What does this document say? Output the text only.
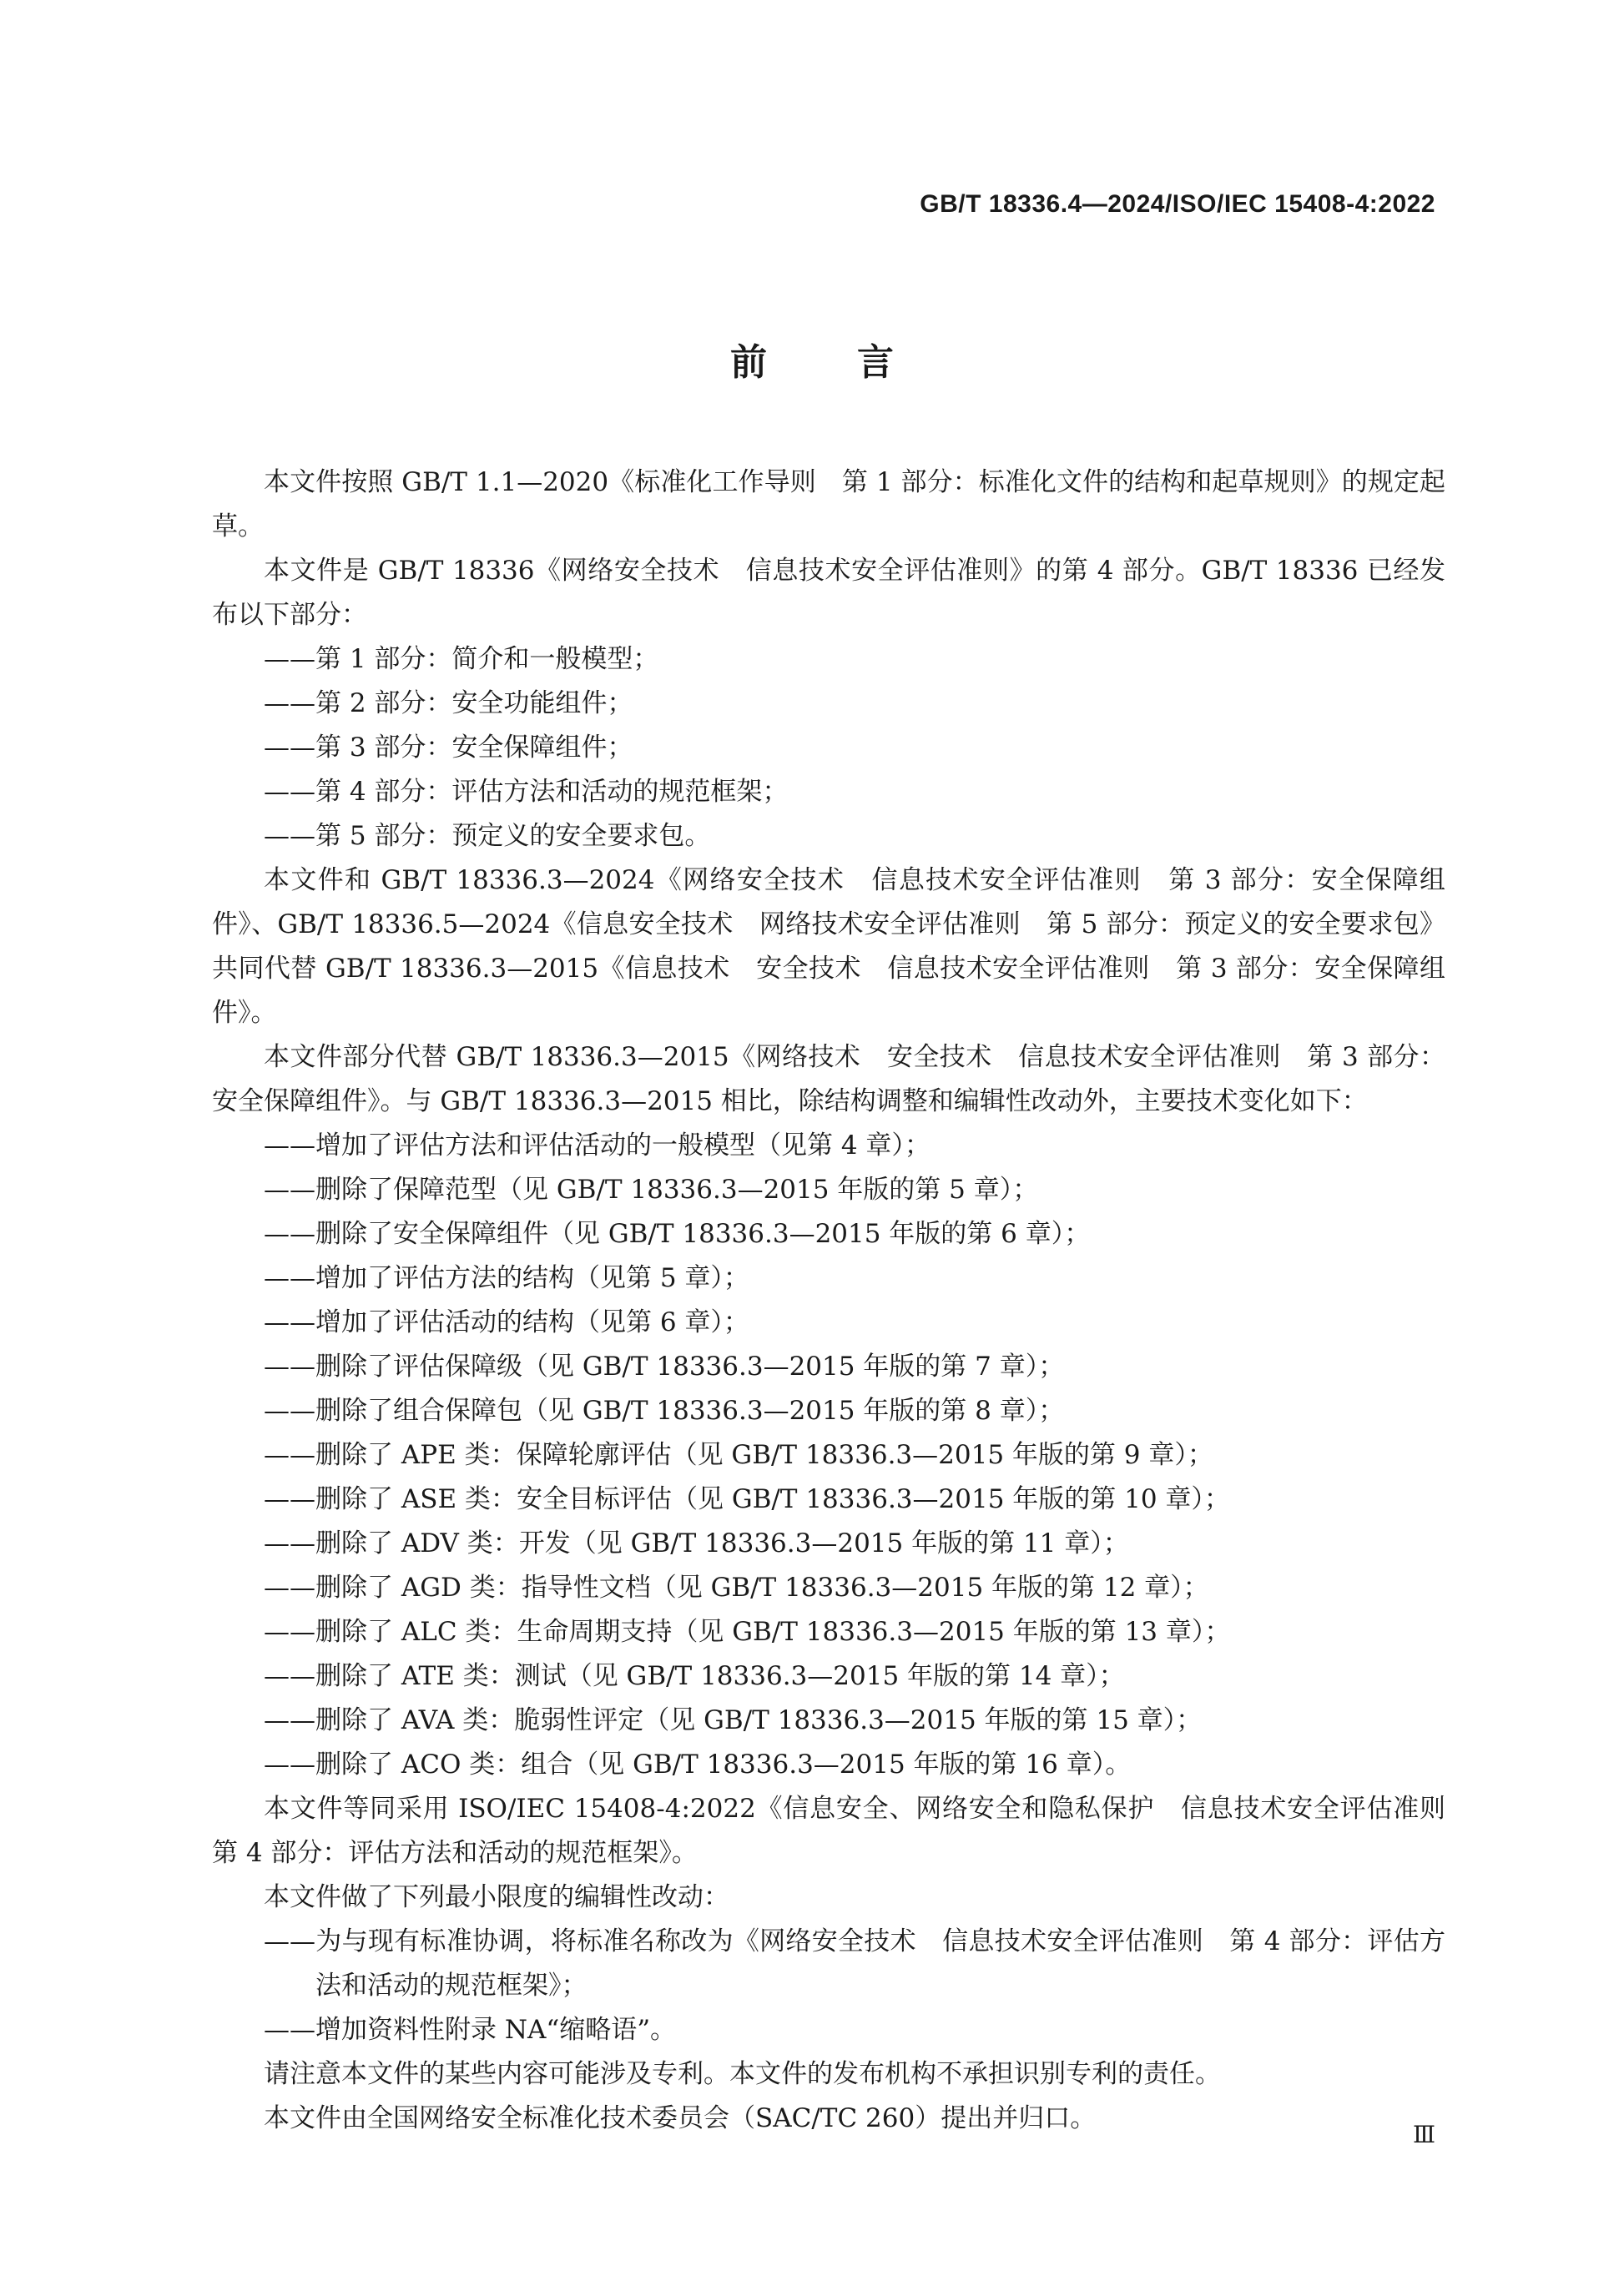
GB/T 18336.4—2024/ISO/IEC 15408-4:2022
前言

本文件按照 GB/T 1.1—2020《标准化工作导则　第 1 部分：标准化文件的结构和起草规则》的规定起草。

本文件是 GB/T 18336《网络安全技术　信息技术安全评估准则》的第 4 部分。GB/T 18336 已经发布以下部分：

——第 1 部分：简介和一般模型；

——第 2 部分：安全功能组件；

——第 3 部分：安全保障组件；

——第 4 部分：评估方法和活动的规范框架；

——第 5 部分：预定义的安全要求包。

本文件和 GB/T 18336.3—2024《网络安全技术　信息技术安全评估准则　第 3 部分：安全保障组件》、GB/T 18336.5—2024《信息安全技术　网络技术安全评估准则　第 5 部分：预定义的安全要求包》共同代替 GB/T 18336.3—2015《信息技术　安全技术　信息技术安全评估准则　第 3 部分：安全保障组件》。

本文件部分代替 GB/T 18336.3—2015《网络技术　安全技术　信息技术安全评估准则　第 3 部分：安全保障组件》。与 GB/T 18336.3—2015 相比，除结构调整和编辑性改动外，主要技术变化如下：

——增加了评估方法和评估活动的一般模型（见第 4 章）；

——删除了保障范型（见 GB/T 18336.3—2015 年版的第 5 章）；

——删除了安全保障组件（见 GB/T 18336.3—2015 年版的第 6 章）；

——增加了评估方法的结构（见第 5 章）；

——增加了评估活动的结构（见第 6 章）；

——删除了评估保障级（见 GB/T 18336.3—2015 年版的第 7 章）；

——删除了组合保障包（见 GB/T 18336.3—2015 年版的第 8 章）；

——删除了 APE 类：保障轮廓评估（见 GB/T 18336.3—2015 年版的第 9 章）；

——删除了 ASE 类：安全目标评估（见 GB/T 18336.3—2015 年版的第 10 章）；

——删除了 ADV 类：开发（见 GB/T 18336.3—2015 年版的第 11 章）；

——删除了 AGD 类：指导性文档（见 GB/T 18336.3—2015 年版的第 12 章）；

——删除了 ALC 类：生命周期支持（见 GB/T 18336.3—2015 年版的第 13 章）；

——删除了 ATE 类：测试（见 GB/T 18336.3—2015 年版的第 14 章）；

——删除了 AVA 类：脆弱性评定（见 GB/T 18336.3—2015 年版的第 15 章）；

——删除了 ACO 类：组合（见 GB/T 18336.3—2015 年版的第 16 章）。

本文件等同采用 ISO/IEC 15408-4:2022《信息安全、网络安全和隐私保护　信息技术安全评估准则　第 4 部分：评估方法和活动的规范框架》。

本文件做了下列最小限度的编辑性改动：

——为与现有标准协调，将标准名称改为《网络安全技术　信息技术安全评估准则　第 4 部分：评估方法和活动的规范框架》；

——增加资料性附录 NA“缩略语”。

请注意本文件的某些内容可能涉及专利。本文件的发布机构不承担识别专利的责任。

本文件由全国网络安全标准化技术委员会（SAC/TC 260）提出并归口。

Ⅲ
